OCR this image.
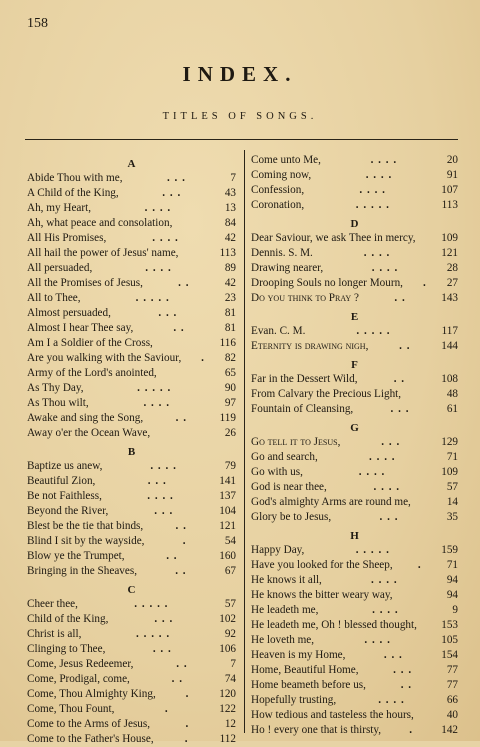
158
INDEX.
TITLES OF SONGS.
A
Abide Thou with me,	. . .	7
A Child of the King,	. . .	43
Ah, my Heart,	. . . .	13
Ah, what peace and consolation,	84
All His Promises,	. . . .	42
All hail the power of Jesus' name,	113
All persuaded,	. . . .	89
All the Promises of Jesus,	. .	42
All to Thee,	. . . . .	23
Almost persuaded,	. . .	81
Almost I hear Thee say,	. .	81
Am I a Soldier of the Cross,	116
Are you walking with the Saviour, . 82
Army of the Lord's anointed,	65
As Thy Day,	. . . . .	90
As Thou wilt,	. . . .	97
Awake and sing the Song,	. .	119
Away o'er the Ocean Wave,	26
B
Baptize us anew,	. . . .	79
Beautiful Zion,	. . .	141
Be not Faithless,	. . . .	137
Beyond the River,	. . .	104
Blest be the tie that binds,	. .	121
Blind I sit by the wayside,	.	54
Blow ye the Trumpet,	. .	160
Bringing in the Sheaves,	. .	67
C
Cheer thee,	. . . . .	57
Child of the King,	. . .	102
Christ is all,	. . . . .	92
Clinging to Thee,	. . .	106
Come, Jesus Redeemer,	. .	7
Come, Prodigal, come,	. .	74
Come, Thou Almighty King,	.	120
Come, Thou Fount,	.	122
Come to the Arms of Jesus,	.	12
Come to the Father's House,	.	112
Come unto Me,	. . . .	20
Coming now,	. . . .	91
Confession,	. . . .	107
Coronation,	. . . . .	113
D
Dear Saviour, we ask Thee in mercy, 109
Dennis. S. M.	. . . .	121
Drawing nearer,	. . . .	28
Drooping Souls no longer Mourn, . 27
Do you think to Pray ?	. .	143
E
Evan. C. M.	. . . . .	117
Eternity is drawing nigh,	. .	144
F
Far in the Dessert Wild,	. .	108
From Calvary the Precious Light,	48
Fountain of Cleansing,	. . .	61
G
Go tell it to Jesus,	. . .	129
Go and search,	. . . .	71
Go with us,	. . . .	109
God is near thee,	. . . .	57
God's almighty Arms are round me,	14
Glory be to Jesus,	. . .	35
H
Happy Day,	. . . . .	159
Have you looked for the Sheep, . 71
He knows it all,	. . . .	94
He knows the bitter weary way,	94
He leadeth me,	. . . .	9
He leadeth me, Oh ! blessed thought, 153
He loveth me,	. . . .	105
Heaven is my Home,	. . .	154
Home, Beautiful Home,	. . .	77
Home beameth before us,	. .	77
Hopefully trusting,	. . . .	66
How tedious and tasteless the hours,	40
Ho ! every one that is thirsty,	.	142
